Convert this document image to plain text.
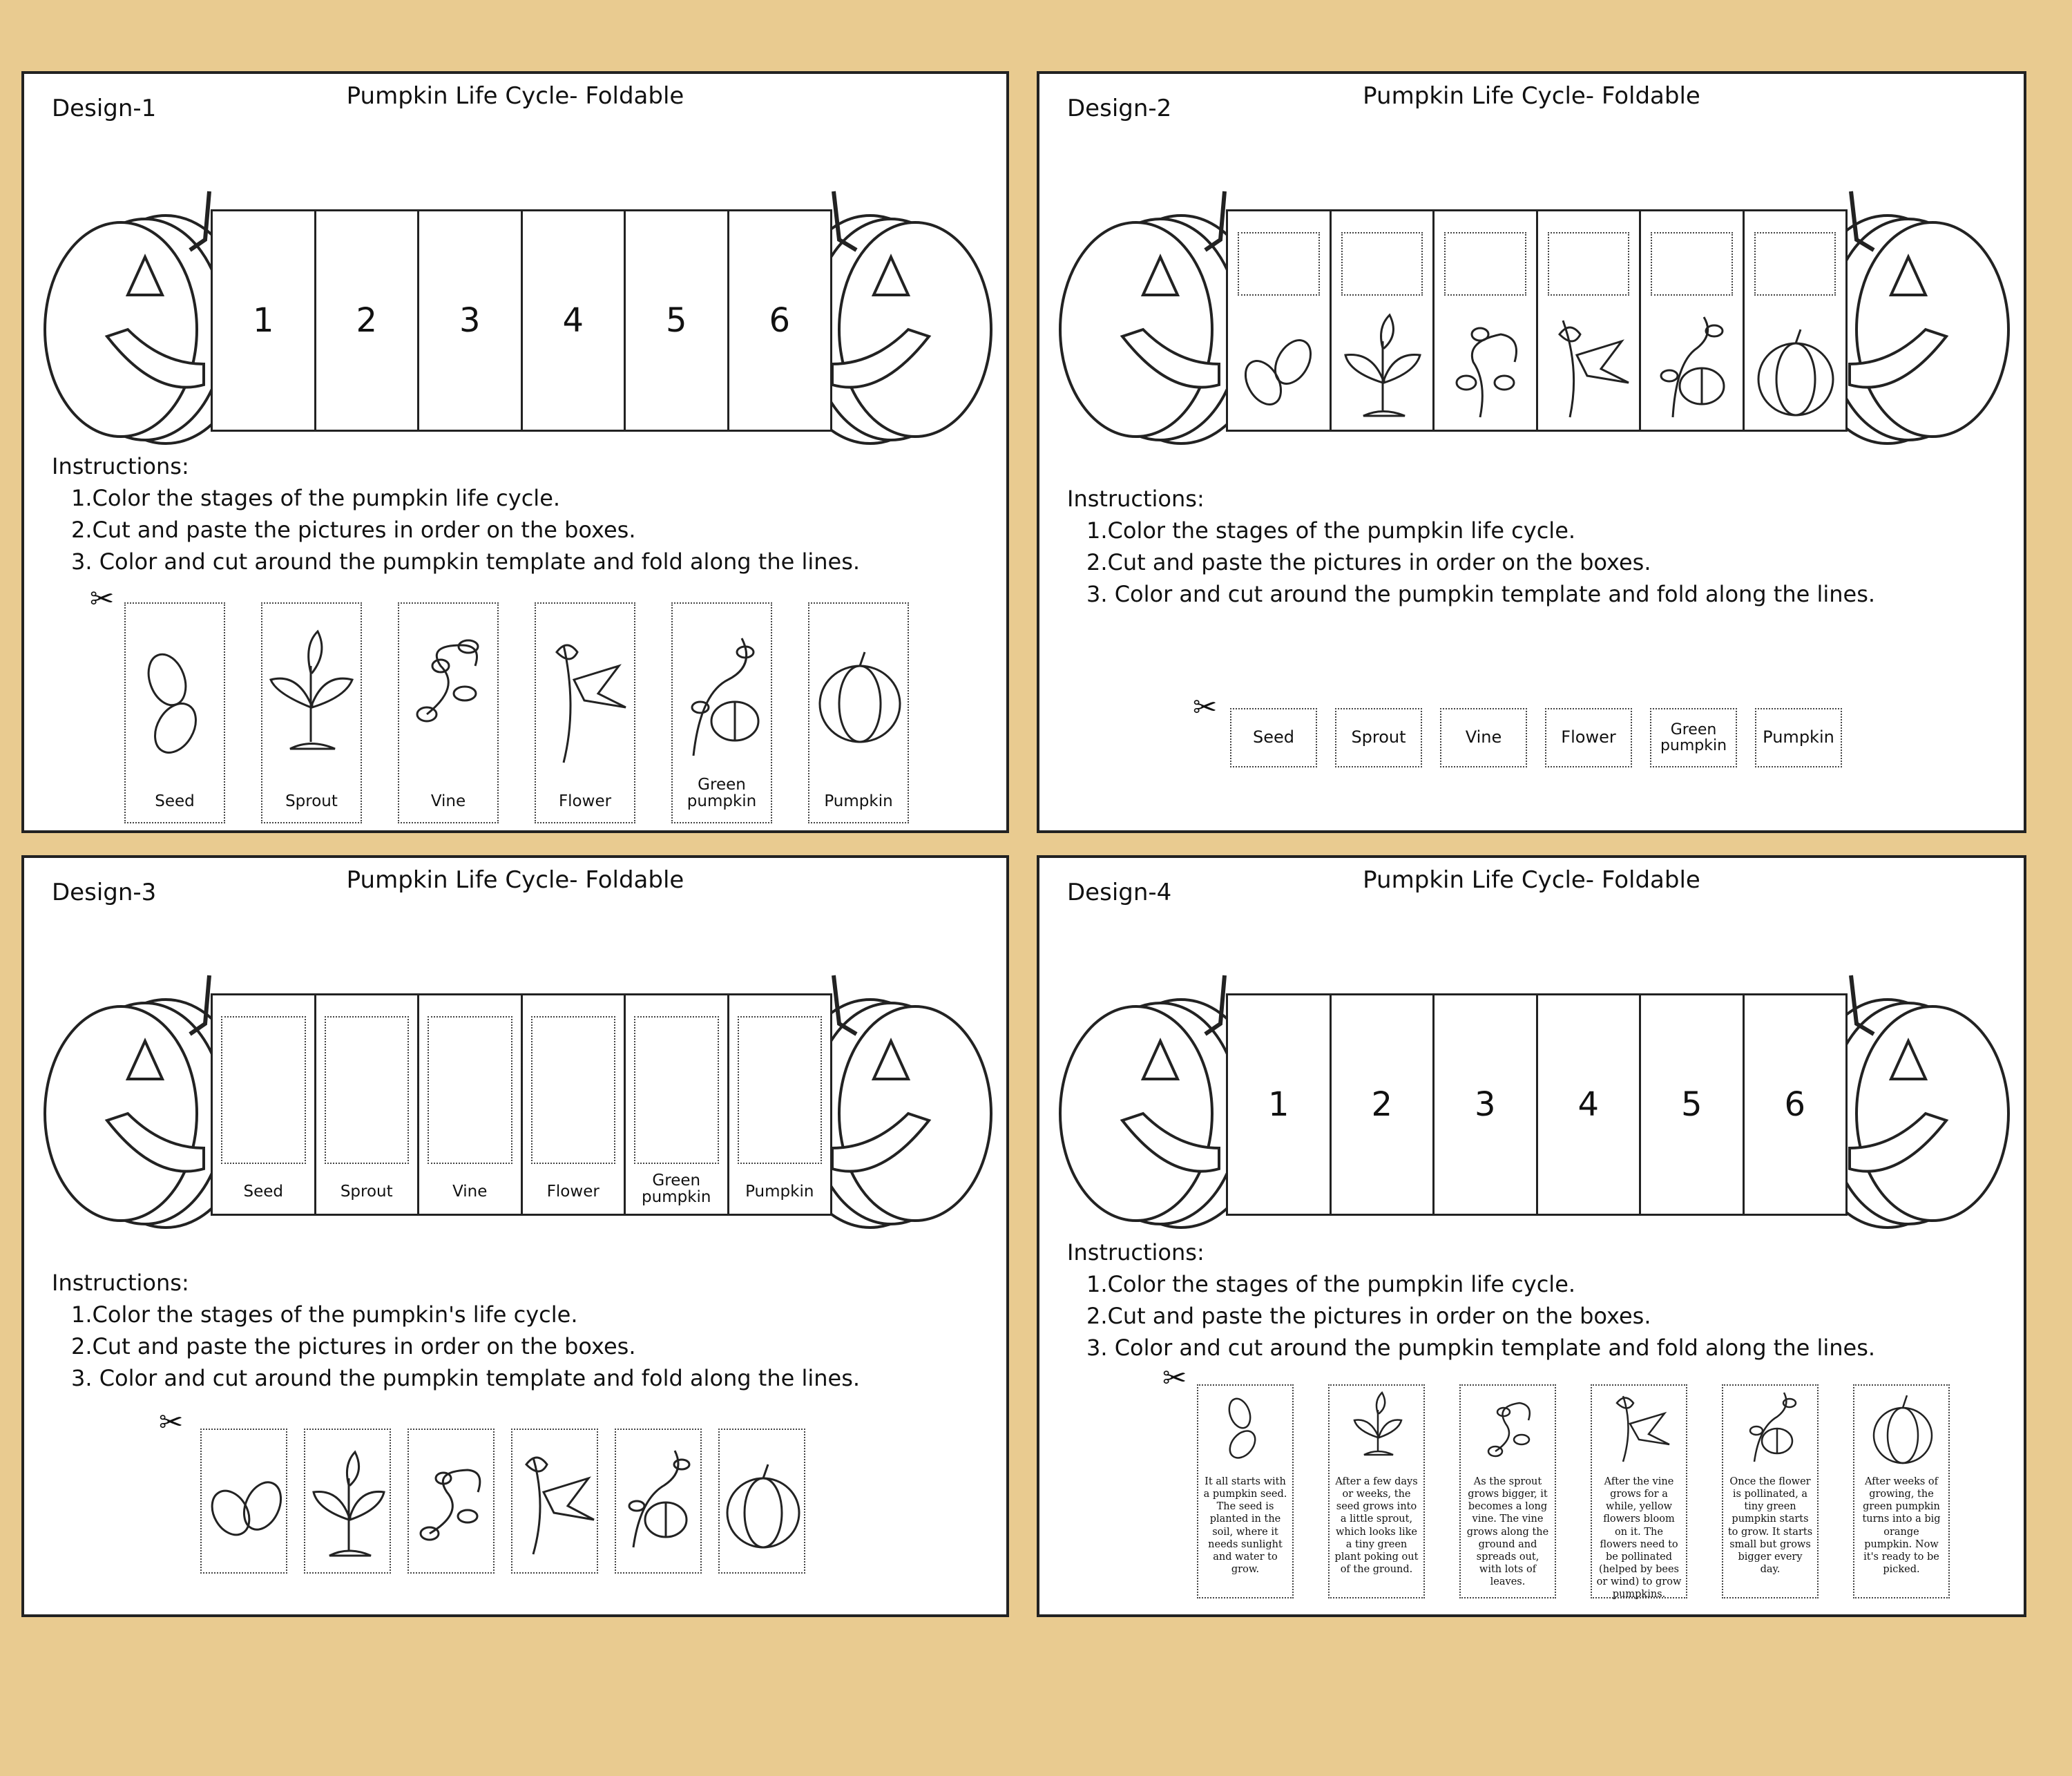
Design-1	Pumpkin Life Cycle- Foldable
1	2	3	4	5	6
Instructions:
1.Color the stages of the pumpkin life cycle.
2.Cut and paste the pictures in order on the boxes.
3. Color and cut around the pumpkin template and fold along the lines.
✂
Seed	Sprout	Vine	Flower
Green pumpkin	Pumpkin
Design-2	Pumpkin Life Cycle- Foldable
Instructions:
1.Color the stages of the pumpkin life cycle.
2.Cut and paste the pictures in order on the boxes.
3. Color and cut around the pumpkin template and fold along the lines.
✂
Seed	Sprout	Vine	Flower	Green pumpkin	Pumpkin
Design-3	Pumpkin Life Cycle- Foldable
Seed	Sprout	Vine	Flower
Green pumpkin	Pumpkin
Instructions:
1.Color the stages of the pumpkin's life cycle.
2.Cut and paste the pictures in order on the boxes.
3. Color and cut around the pumpkin template and fold along the lines.
✂
Design-4	Pumpkin Life Cycle- Foldable
1	2	3	4	5	6
Instructions:
1.Color the stages of the pumpkin life cycle.
2.Cut and paste the pictures in order on the boxes.
3. Color and cut around the pumpkin template and fold along the lines.
✂
It all starts with a pumpkin seed. The seed is planted in the soil, where it needs sunlight and water to grow.
After a few days or weeks, the seed grows into a little sprout, which looks like a tiny green plant poking out of the ground.
As the sprout grows bigger, it becomes a long vine. The vine grows along the ground and spreads out, with lots of leaves.
After the vine grows for a while, yellow flowers bloom on it. The flowers need to be pollinated (helped by bees or wind) to grow pumpkins.
Once the flower is pollinated, a tiny green pumpkin starts to grow. It starts small but grows bigger every day.
After weeks of growing, the green pumpkin turns into a big orange pumpkin. Now it's ready to be picked.
